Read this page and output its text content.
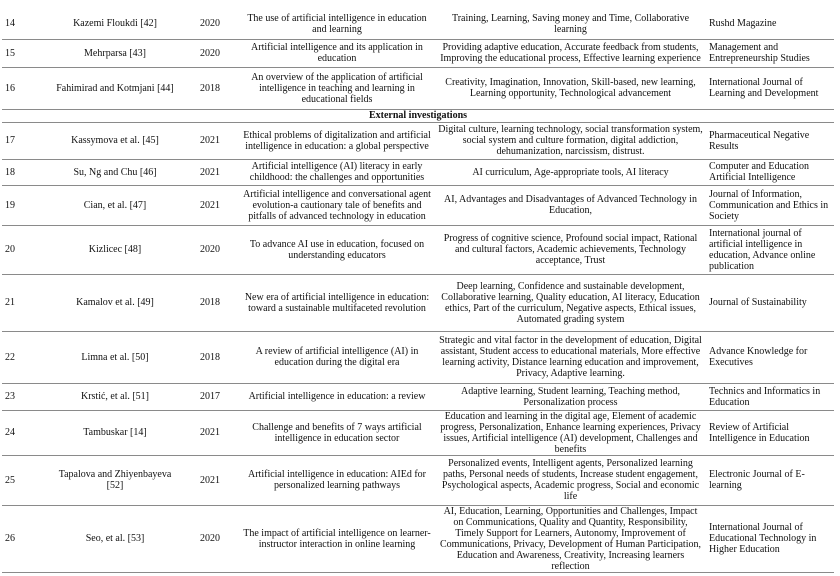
14	Kazemi Floukdi [42]	2020	The use of artificial intelligence in education and learning	Training, Learning, Saving money and Time, Collaborative learning	Rushd Magazine
15	Mehrparsa [43]	2020	Artificial intelligence and its application in education	Providing adaptive education, Accurate feedback from students, Improving the educational process, Effective learning experience	Management and Entrepreneurship Studies
16	Fahimirad and Kotmjani [44]	2018	An overview of the application of artificial intelligence in teaching and learning in educational fields	Creativity, Imagination, Innovation, Skill-based, new learning, Learning opportunity, Technological advancement	International Journal of Learning and Development
External investigations					
17	Kassymova et al. [45]	2021	Ethical problems of digitalization and artificial intelligence in education: a global perspective	Digital culture, learning technology, social transformation system, social system and culture formation, digital addiction, dehumanization, narcissism, distrust.	Pharmaceutical Negative Results
18	Su, Ng and Chu [46]	2021	Artificial intelligence (AI) literacy in early childhood: the challenges and opportunities	AI curriculum, Age-appropriate tools, AI literacy	Computer and Education Artificial Intelligence
19	Cian, et al. [47]	2021	Artificial intelligence and conversational agent evolution-a cautionary tale of benefits and pitfalls of advanced technology in education	AI, Advantages and Disadvantages of Advanced Technology in Education,	Journal of Information, Communication and Ethics in Society
20	Kizlicec [48]	2020	To advance AI use in education, focused on understanding educators	Progress of cognitive science, Profound social impact, Rational and cultural factors, Academic achievements, Technology acceptance, Trust	International journal of artificial intelligence in education, Advance online publication
21	Kamalov et al. [49]	2018	New era of artificial intelligence in education: toward a sustainable multifaceted revolution	Deep learning, Confidence and sustainable development, Collaborative learning, Quality education, AI literacy, Education ethics, Part of the curriculum, Negative aspects, Ethical issues, Automated grading system	Journal of Sustainability
22	Limna et al. [50]	2018	A review of artificial intelligence (AI) in education during the digital era	Strategic and vital factor in the development of education, Digital assistant, Student access to educational materials, More effective learning activity, Distance learning education and improvement, Privacy, Adaptive learning.	Advance Knowledge for Executives
23	Krstić, et al. [51]	2017	Artificial intelligence in education: a review	Adaptive learning, Student learning, Teaching method, Personalization process	Technics and Informatics in Education
24	Tambuskar [14]	2021	Challenge and benefits of 7 ways artificial intelligence in education sector	Education and learning in the digital age, Element of academic progress, Personalization, Enhance learning experiences, Privacy issues, Artificial intelligence (AI) development, Challenges and benefits	Review of Artificial Intelligence in Education
25	Tapalova and Zhiyenbayeva [52]	2021	Artificial intelligence in education: AIEd for personalized learning pathways	Personalized events, Intelligent agents, Personalized learning paths, Personal needs of students, Increase student engagement, Psychological aspects, Academic progress, Social and economic life	Electronic Journal of E-learning
26	Seo, et al. [53]	2020	The impact of artificial intelligence on learner-instructor interaction in online learning	AI, Education, Learning, Opportunities and Challenges, Impact on Communications, Quality and Quantity, Responsibility, Timely Support for Learners, Autonomy, Improvement of Communications, Privacy, Development of Human Participation, Education and Awareness, Creativity, Increasing learners reflection	International Journal of Educational Technology in Higher Education
